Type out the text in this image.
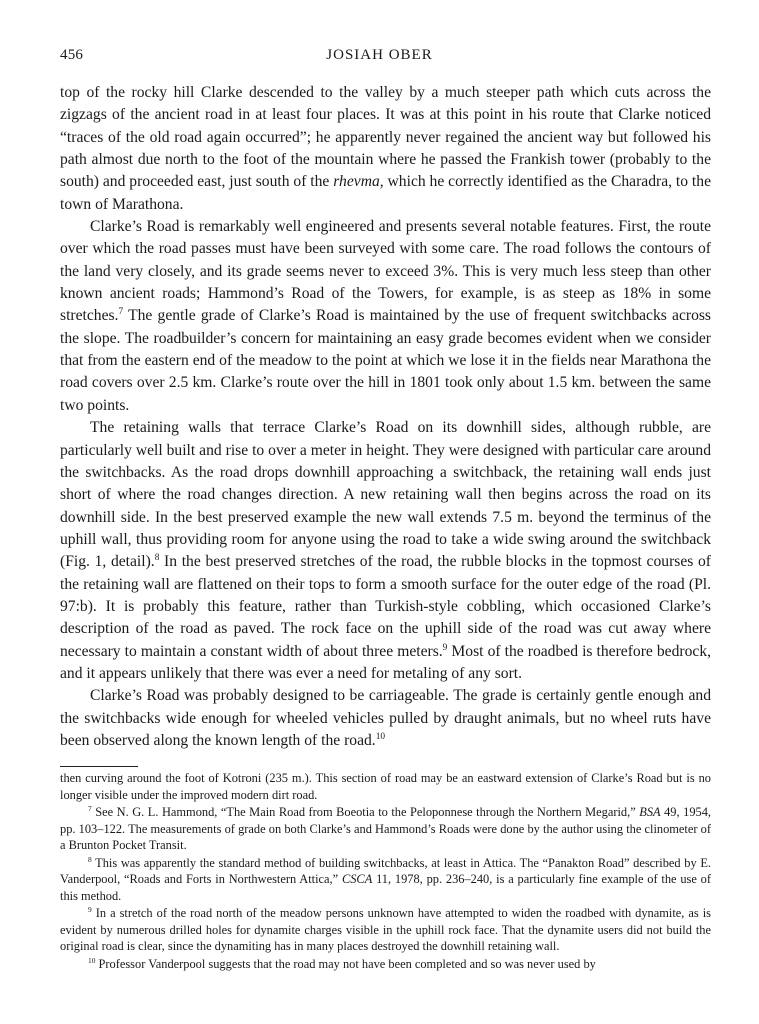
456	JOSIAH OBER

top of the rocky hill Clarke descended to the valley by a much steeper path which cuts across the zigzags of the ancient road in at least four places. It was at this point in his route that Clarke noticed “traces of the old road again occurred”; he apparently never regained the ancient way but followed his path almost due north to the foot of the mountain where he passed the Frankish tower (probably to the south) and proceeded east, just south of the rhevma, which he correctly identified as the Charadra, to the town of Marathona.

Clarke’s Road is remarkably well engineered and presents several notable features. First, the route over which the road passes must have been surveyed with some care. The road follows the contours of the land very closely, and its grade seems never to exceed 3%. This is very much less steep than other known ancient roads; Hammond’s Road of the Towers, for example, is as steep as 18% in some stretches.$^7$ The gentle grade of Clarke’s Road is maintained by the use of frequent switchbacks across the slope. The roadbuilder’s concern for maintaining an easy grade becomes evident when we consider that from the eastern end of the meadow to the point at which we lose it in the fields near Marathona the road covers over 2.5 km. Clarke’s route over the hill in 1801 took only about 1.5 km. between the same two points.

The retaining walls that terrace Clarke’s Road on its downhill sides, although rubble, are particularly well built and rise to over a meter in height. They were designed with particular care around the switchbacks. As the road drops downhill approaching a switchback, the retaining wall ends just short of where the road changes direction. A new retaining wall then begins across the road on its downhill side. In the best preserved example the new wall extends 7.5 m. beyond the terminus of the uphill wall, thus providing room for anyone using the road to take a wide swing around the switchback (Fig. 1, detail).$^8$ In the best preserved stretches of the road, the rubble blocks in the topmost courses of the retaining wall are flattened on their tops to form a smooth surface for the outer edge of the road (Pl. 97:b). It is probably this feature, rather than Turkish-style cobbling, which occasioned Clarke’s description of the road as paved. The rock face on the uphill side of the road was cut away where necessary to maintain a constant width of about three meters.$^9$ Most of the roadbed is therefore bedrock, and it appears unlikely that there was ever a need for metaling of any sort.

Clarke’s Road was probably designed to be carriageable. The grade is certainly gentle enough and the switchbacks wide enough for wheeled vehicles pulled by draught animals, but no wheel ruts have been observed along the known length of the road.$^{10}$

then curving around the foot of Kotroni (235 m.). This section of road may be an eastward extension of Clarke’s Road but is no longer visible under the improved modern dirt road.

$^7$ See N. G. L. Hammond, “The Main Road from Boeotia to the Peloponnese through the Northern Megarid,” BSA 49, 1954, pp. 103–122. The measurements of grade on both Clarke’s and Hammond’s Roads were done by the author using the clinometer of a Brunton Pocket Transit.

$^8$ This was apparently the standard method of building switchbacks, at least in Attica. The “Panakton Road” described by E. Vanderpool, “Roads and Forts in Northwestern Attica,” CSCA 11, 1978, pp. 236–240, is a particularly fine example of the use of this method.

$^9$ In a stretch of the road north of the meadow persons unknown have attempted to widen the roadbed with dynamite, as is evident by numerous drilled holes for dynamite charges visible in the uphill rock face. That the dynamite users did not build the original road is clear, since the dynamiting has in many places destroyed the downhill retaining wall.

$^{10}$ Professor Vanderpool suggests that the road may not have been completed and so was never used by
